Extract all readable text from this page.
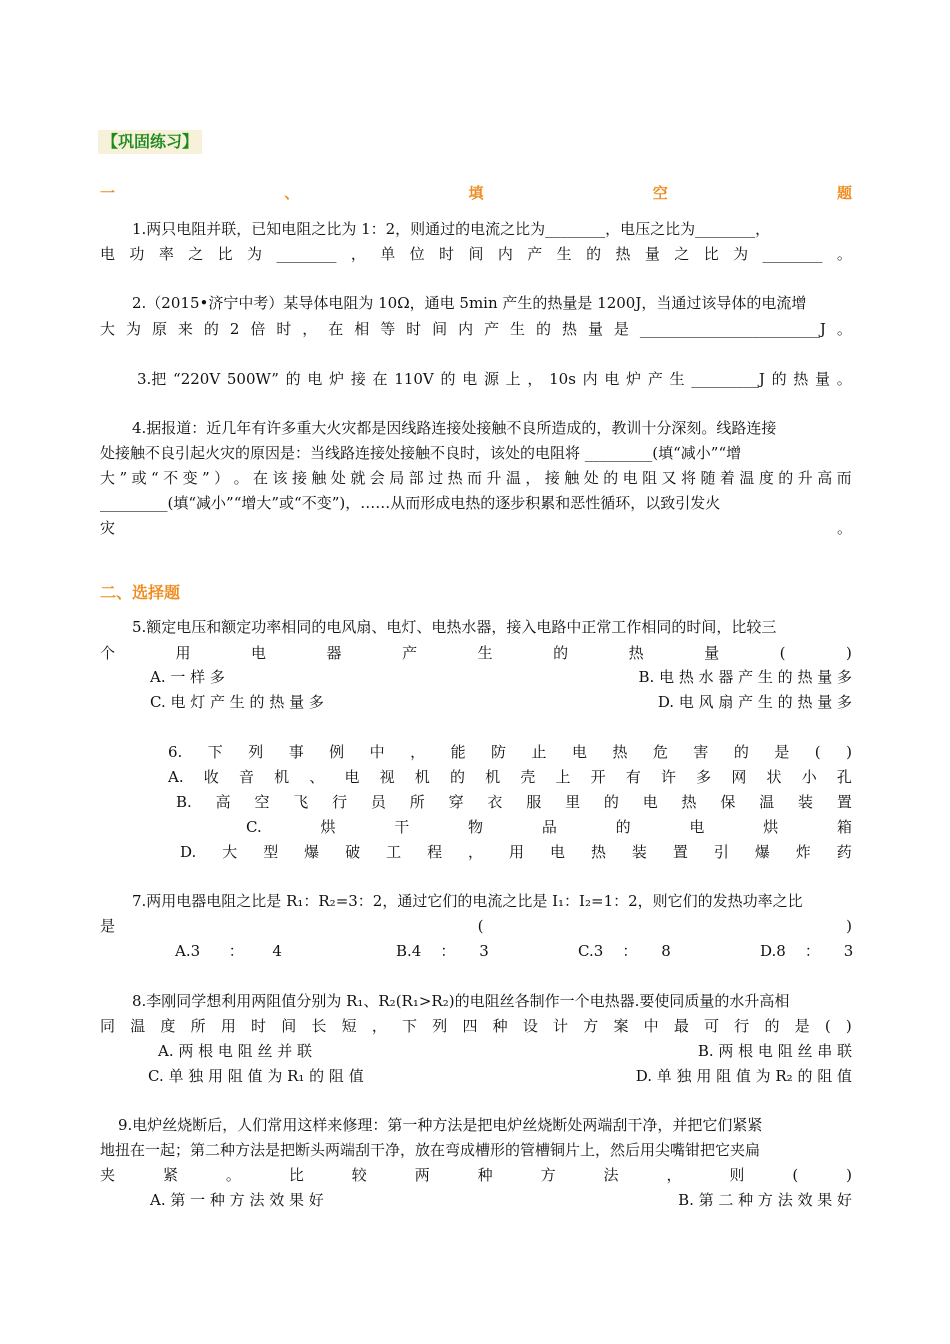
【巩固练习】
一	、	填	空	题
1.两只电阻并联，已知电阻之比为 1：2，则通过的电流之比为________，电压之比为________，
电 功 率 之 比 为 ________ ， 单 位 时 间 内 产 生 的 热 量 之 比 为 ________ 。
2.（2015•济宁中考）某导体电阻为 10Ω，通电 5min 产生的热量是 1200J，当通过该导体的电流增
大 为 原 来 的 2 倍 时 ， 在 相 等 时 间 内 产 生 的 热 量 是 ________________________J 。
3.把 “220V 500W” 的 电 炉 接 在 110V 的 电 源 上 ， 10s 内 电 炉 产 生 _________J 的 热 量 。
4.据报道：近几年有许多重大火灾都是因线路连接处接触不良所造成的，教训十分深刻。线路连接
处接触不良引起火灾的原因是：当线路连接处接触不良时，该处的电阻将 _________(填“减小”“增
大 ” 或 “ 不 变 ” ） 。 在 该 接 触 处 就 会 局 部 过 热 而 升 温 ， 接 触 处 的 电 阻 又 将 随 着 温 度 的 升 高 而
_________(填“减小”“增大”或“不变”)，……从而形成电热的逐步积累和恶性循环，以致引发火
灾	。
二、选择题
5.额定电压和额定功率相同的电风扇、电灯、电热水器，接入电路中正常工作相同的时间，比较三
个	用	电	器	产	生	的	热	量	(	)
A. 一 样 多	B. 电 热 水 器 产 生 的 热 量 多
C. 电 灯 产 生 的 热 量 多	D. 电 风 扇 产 生 的 热 量 多
6. 下 列 事 例 中 ， 能 防 止 电 热 危 害 的 是 ( )
A. 收 音 机 、 电 视 机 的 机 壳 上 开 有 许 多 网 状 小 孔
B. 高 空 飞 行 员 所 穿 衣 服 里 的 电 热 保 温 装 置
C.	烘	干	物	品	的	电	烘	箱
D. 大 型 爆 破 工 程 ， 用 电 热 装 置 引 爆 炸 药
7.两用电器电阻之比是 R₁：R₂=3：2，通过它们的电流之比是 I₁：I₂=1：2，则它们的发热功率之比
是	(	)
A.3 ： 4	B.4 ： 3	C.3 ： 8	D.8 ： 3
8.李刚同学想利用两阻值分别为 R₁、R₂(R₁>R₂)的电阻丝各制作一个电热器.要使同质量的水升高相
同 温 度 所 用 时 间 长 短 ， 下 列 四 种 设 计 方 案 中 最 可 行 的 是 ( )
A. 两 根 电 阻 丝 并 联	B. 两 根 电 阻 丝 串 联
C. 单 独 用 阻 值 为 R₁ 的 阻 值	D. 单 独 用 阻 值 为 R₂ 的 阻 值
9.电炉丝烧断后，人们常用这样来修理：第一种方法是把电炉丝烧断处两端刮干净，并把它们紧紧
地扭在一起；第二种方法是把断头两端刮干净，放在弯成槽形的管槽铜片上，然后用尖嘴钳把它夹扁
夹	紧	。	比	较	两	种	方	法	，	则	(	)
A. 第 一 种 方 法 效 果 好	B. 第 二 种 方 法 效 果 好
